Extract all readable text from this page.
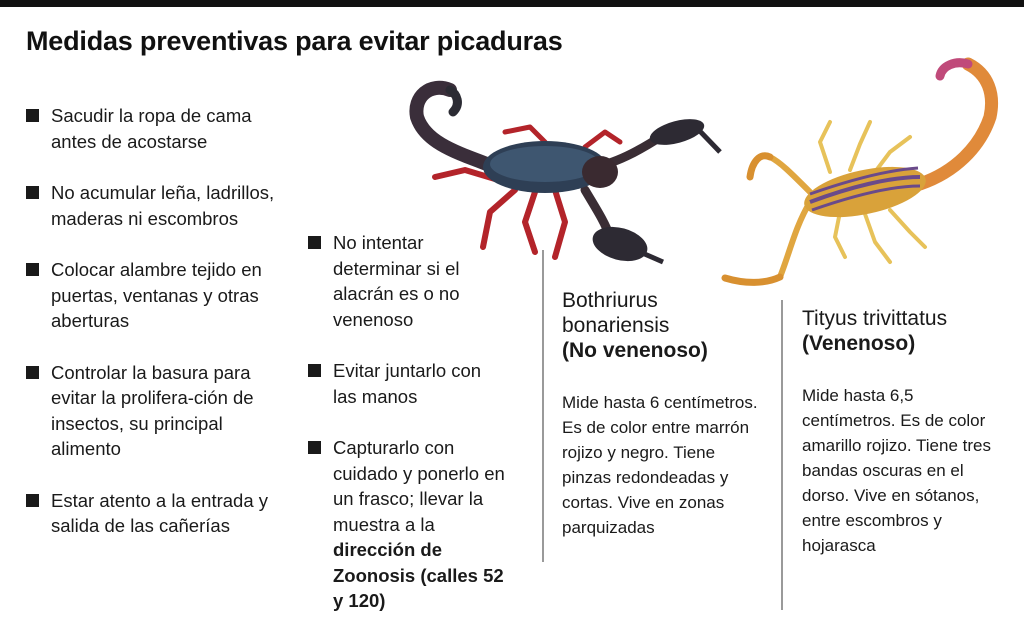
Medidas preventivas para evitar picaduras
Sacudir la ropa de cama antes de acostarse
No acumular leña, ladrillos, maderas ni escombros
Colocar alambre tejido en puertas, ventanas y otras aberturas
Controlar la basura para evitar la prolifera-ción de insectos, su principal alimento
Estar atento a la entrada y salida de las cañerías
No intentar determinar si el alacrán es o no venenoso
Evitar juntarlo con las manos
Capturarlo con cuidado y ponerlo en un frasco; llevar la muestra a la dirección de Zoonosis (calles 52 y 120)
Bothriurus bonariensis
(No venenoso)
Mide hasta 6 centímetros. Es de color entre marrón rojizo y negro. Tiene pinzas redondeadas y cortas. Vive en zonas parquizadas
Tityus trivittatus
(Venenoso)
Mide hasta 6,5 centímetros. Es de color amarillo rojizo. Tiene tres bandas oscuras en el dorso. Vive en sótanos, entre escombros y hojarasca
